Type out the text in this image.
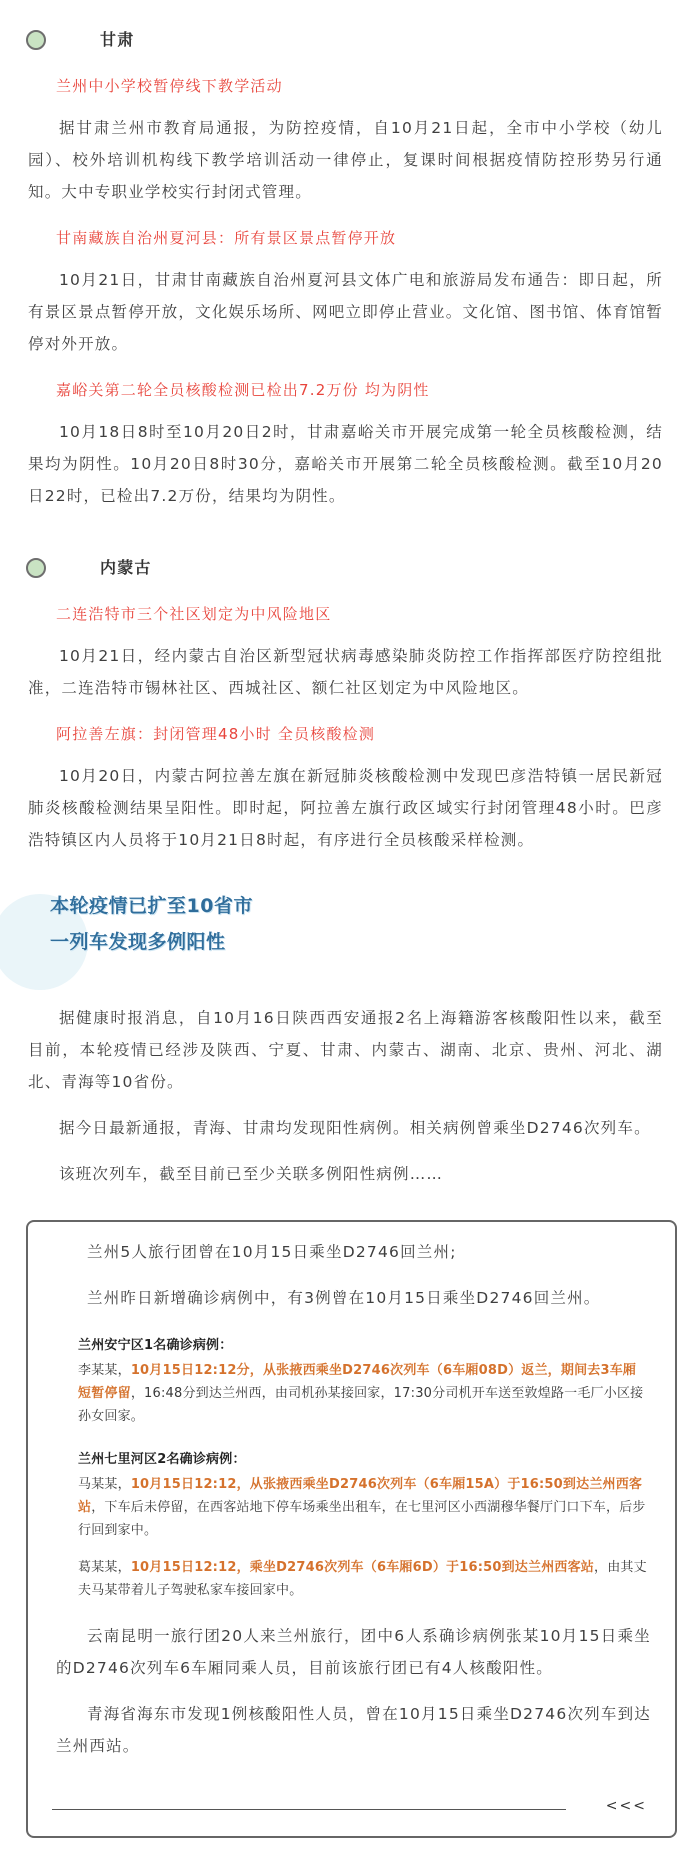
甘肃
兰州中小学校暂停线下教学活动

据甘肃兰州市教育局通报，为防控疫情，自10月21日起，全市中小学校（幼儿园）、校外培训机构线下教学培训活动一律停止，复课时间根据疫情防控形势另行通知。大中专职业学校实行封闭式管理。

甘南藏族自治州夏河县：所有景区景点暂停开放

10月21日，甘肃甘南藏族自治州夏河县文体广电和旅游局发布通告：即日起，所有景区景点暂停开放，文化娱乐场所、网吧立即停止营业。文化馆、图书馆、体育馆暂停对外开放。

嘉峪关第二轮全员核酸检测已检出7.2万份 均为阴性

10月18日8时至10月20日2时，甘肃嘉峪关市开展完成第一轮全员核酸检测，结果均为阴性。10月20日8时30分，嘉峪关市开展第二轮全员核酸检测。截至10月20日22时，已检出7.2万份，结果均为阴性。

内蒙古
二连浩特市三个社区划定为中风险地区

10月21日，经内蒙古自治区新型冠状病毒感染肺炎防控工作指挥部医疗防控组批准，二连浩特市锡林社区、西城社区、额仁社区划定为中风险地区。

阿拉善左旗：封闭管理48小时 全员核酸检测

10月20日，内蒙古阿拉善左旗在新冠肺炎核酸检测中发现巴彦浩特镇一居民新冠肺炎核酸检测结果呈阳性。即时起，阿拉善左旗行政区域实行封闭管理48小时。巴彦浩特镇区内人员将于10月21日8时起，有序进行全员核酸采样检测。

本轮疫情已扩至10省市
一列车发现多例阳性

据健康时报消息，自10月16日陕西西安通报2名上海籍游客核酸阳性以来，截至目前，本轮疫情已经涉及陕西、宁夏、甘肃、内蒙古、湖南、北京、贵州、河北、湖北、青海等10省份。

据今日最新通报，青海、甘肃均发现阳性病例。相关病例曾乘坐D2746次列车。

该班次列车，截至目前已至少关联多例阳性病例……

兰州5人旅行团曾在10月15日乘坐D2746回兰州;

兰州昨日新增确诊病例中，有3例曾在10月15日乘坐D2746回兰州。

兰州安宁区1名确诊病例：
李某某，10月15日12:12分，从张掖西乘坐D2746次列车（6车厢08D）返兰，期间去3车厢短暂停留，16:48分到达兰州西，由司机孙某接回家，17:30分司机开车送至敦煌路一毛厂小区接孙女回家。
兰州七里河区2名确诊病例：
马某某，10月15日12:12，从张掖西乘坐D2746次列车（6车厢15A）于16:50到达兰州西客站，下车后未停留，在西客站地下停车场乘坐出租车，在七里河区小西湖穆华餐厅门口下车，后步行回到家中。
葛某某，10月15日12:12，乘坐D2746次列车（6车厢6D）于16:50到达兰州西客站，由其丈夫马某带着儿子驾驶私家车接回家中。

云南昆明一旅行团20人来兰州旅行，团中6人系确诊病例张某10月15日乘坐的D2746次列车6车厢同乘人员，目前该旅行团已有4人核酸阳性。

青海省海东市发现1例核酸阳性人员，曾在10月15日乘坐D2746次列车到达兰州西站。

<<<
